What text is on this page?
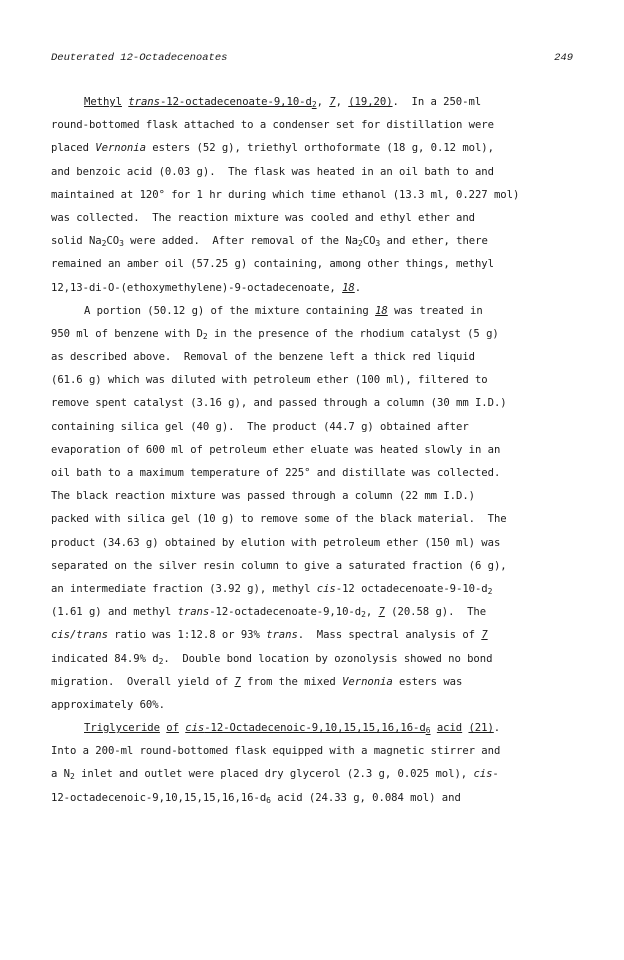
Deuterated 12-Octadecenoates	249
Methyl trans-$12-octadecenoate-9,10-d_2$, 7, (19,20).  In a 250-ml
round-bottomed flask attached to a condenser set for distillation were
placed Vernonia esters (52 g), triethyl orthoformate (18 g, 0.12 mol),
and benzoic acid (0.03 g).  The flask was heated in an oil bath to and
maintained at 120° for 1 hr during which time ethanol (13.3 ml, 0.227 mol)
was collected.  The reaction mixture was cooled and ethyl ether and
solid $Na_2CO_3$ were added.  After removal of the $Na_2CO_3$ and ether, there
remained an amber oil (57.25 g) containing, among other things, methyl
12,13-di-O-(ethoxymethylene)-9-octadecenoate, 18.
A portion (50.12 g) of the mixture containing 18 was treated in
950 ml of benzene with $D_2$ in the presence of the rhodium catalyst (5 g)
as described above.  Removal of the benzene left a thick red liquid
(61.6 g) which was diluted with petroleum ether (100 ml), filtered to
remove spent catalyst (3.16 g), and passed through a column (30 mm I.D.)
containing silica gel (40 g).  The product (44.7 g) obtained after
evaporation of 600 ml of petroleum ether eluate was heated slowly in an
oil bath to a maximum temperature of 225° and distillate was collected.
The black reaction mixture was passed through a column (22 mm I.D.)
packed with silica gel (10 g) to remove some of the black material.  The
product (34.63 g) obtained by elution with petroleum ether (150 ml) was
separated on the silver resin column to give a saturated fraction (6 g),
an intermediate fraction (3.92 g), methyl cis-12 octadecenoate-$9-10-d_2$
(1.61 g) and methyl trans-$12-octadecenoate-9,10-d_2$, 7 (20.58 g).  The
cis/trans ratio was 1:12.8 or 93% trans.  Mass spectral analysis of 7
indicated 84.9% $d_2$.  Double bond location by ozonolysis showed no bond
migration.  Overall yield of 7 from the mixed Vernonia esters was
approximately 60%.
Triglyceride of cis-$12-Octadecenoic-9,10,15,15,16,16-d_6$ acid (21).
Into a 200-ml round-bottomed flask equipped with a magnetic stirrer and
a $N_2$ inlet and outlet were placed dry glycerol (2.3 g, 0.025 mol), cis-
$12-octadecenoic-9,10,15,15,16,16-d_6$ acid (24.33 g, 0.084 mol) and
